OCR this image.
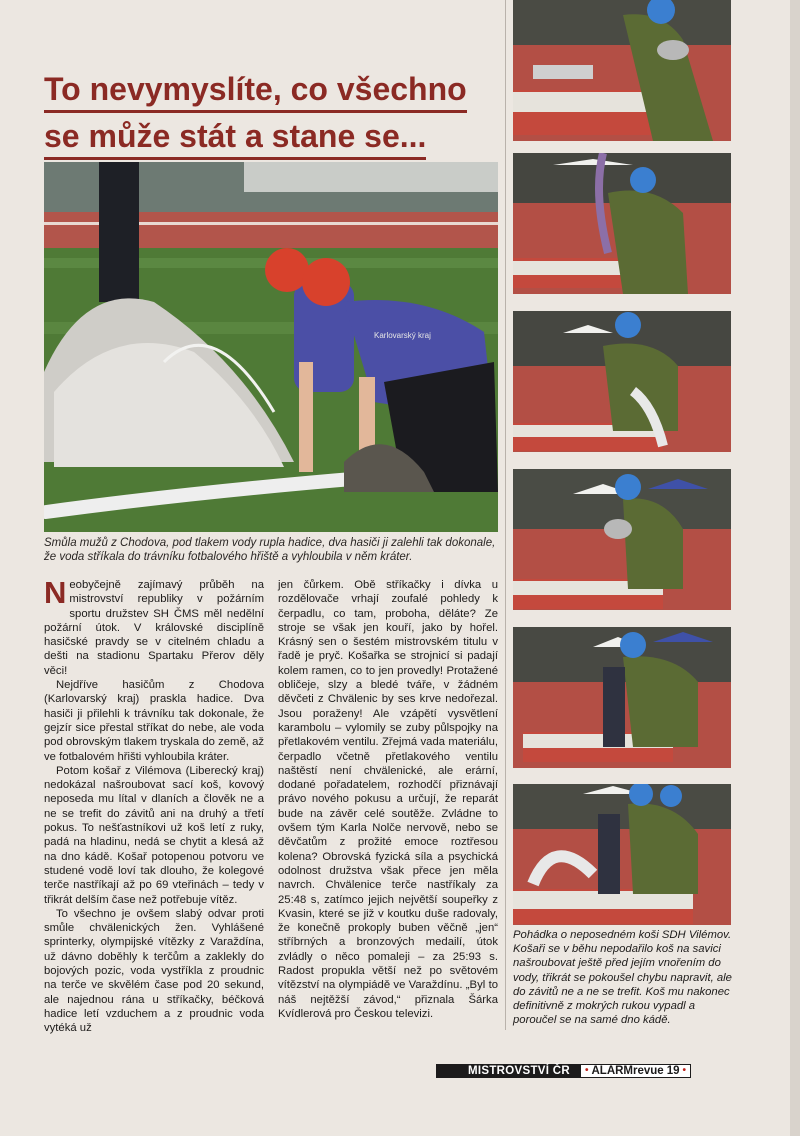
To nevymyslíte, co všechno
se může stát a stane se...
Karlovarský kraj

Smůla mužů z Chodova, pod tlakem vody rupla hadice, dva hasiči ji zalehli tak dokonale, že voda stříkala do trávníku fotbalového hřiště a vyhloubila v něm kráter.

Neobyčejně zajímavý průběh na mistrovství republiky v požárním sportu družstev SH ČMS měl nedělní požární útok. V královské disciplíně hasičské pravdy se v citelném chladu a dešti na stadionu Spartaku Přerov děly věci!

Nejdříve hasičům z Chodova (Karlovarský kraj) praskla hadice. Dva hasiči ji přilehli k trávníku tak dokonale, že gejzír sice přestal stříkat do nebe, ale voda pod obrovským tlakem tryskala do země, až ve fotbalovém hřišti vyhloubila kráter.

Potom košař z Vilémova (Liberecký kraj) nedokázal našroubovat sací koš, kovový neposeda mu lítal v dlaních a člověk ne a ne se trefit do závitů ani na druhý a třetí pokus. To nešťastníkovi už koš letí z ruky, padá na hladinu, nedá se chytit a klesá až na dno kádě. Košař potopenou potvoru ve studené vodě loví tak dlouho, že kolegové terče nastříkají až po 69 vteřinách – tedy v třikrát delším čase než potřebuje vítěz.

To všechno je ovšem slabý odvar proti smůle chvälenických žen. Vyhlášené sprinterky, olympijské vítězky z Varaždína, už dávno doběhly k terčům a zaklekly do bojových pozic, voda vystříkla z proudnic na terče ve skvělém čase pod 20 sekund, ale najednou rána u stříkačky, béčková hadice letí vzduchem a z proudnic voda vytéká už

jen čůrkem. Obě stříkačky i dívka u rozdělovače vrhají zoufalé pohledy k čerpadlu, co tam, proboha, děláte? Ze stroje se však jen kouří, jako by hořel. Krásný sen o šestém mistrovském titulu v řadě je pryč. Košařka se strojnicí si padají kolem ramen, co to jen provedly! Protažené obličeje, slzy a bledé tváře, v žádném děvčeti z Chvälenic by ses krve nedořezal. Jsou poraženy! Ale vzápětí vysvětlení karambolu – vylomily se zuby půlspojky na přetlakovém ventilu. Zřejmá vada materiálu, čerpadlo včetně přetlakového ventilu naštěstí není chvälenické, ale erární, dodané pořadatelem, rozhodčí přiznávají právo nového pokusu a určují, že reparát bude na závěr celé soutěže. Zvládne to ovšem tým Karla Nolče nervově, nebo se děvčatům z prožité emoce roztřesou kolena? Obrovská fyzická síla a psychická odolnost družstva však přece jen měla navrch. Chvälenice terče nastříkaly za 25:48 s, zatímco jejich největší soupeřky z Kvasin, které se již v koutku duše radovaly, že konečně prokoply buben věčně „jen“ stříbrných a bronzových medailí, útok zvládly o něco pomaleji – za 25:93 s. Radost propukla větší než po světovém vítězství na olympiádě ve Varaždínu. „Byl to náš nejtěžší závod,“ přiznala Šárka Kvídlerová pro Českou televizi.

Pohádka o neposedném koši SDH Vilémov. Košaři se v běhu nepodařilo koš na savici našroubovat ještě před jejím vnořením do vody, třikrát se pokoušel chybu napravit, ale do závitů ne a ne se trefit. Koš mu nakonec definitivně z mokrých rukou vypadl a poroučel se na samé dno kádě.

MISTROVSTVÍ ČR	• ALARMrevue 19 •
